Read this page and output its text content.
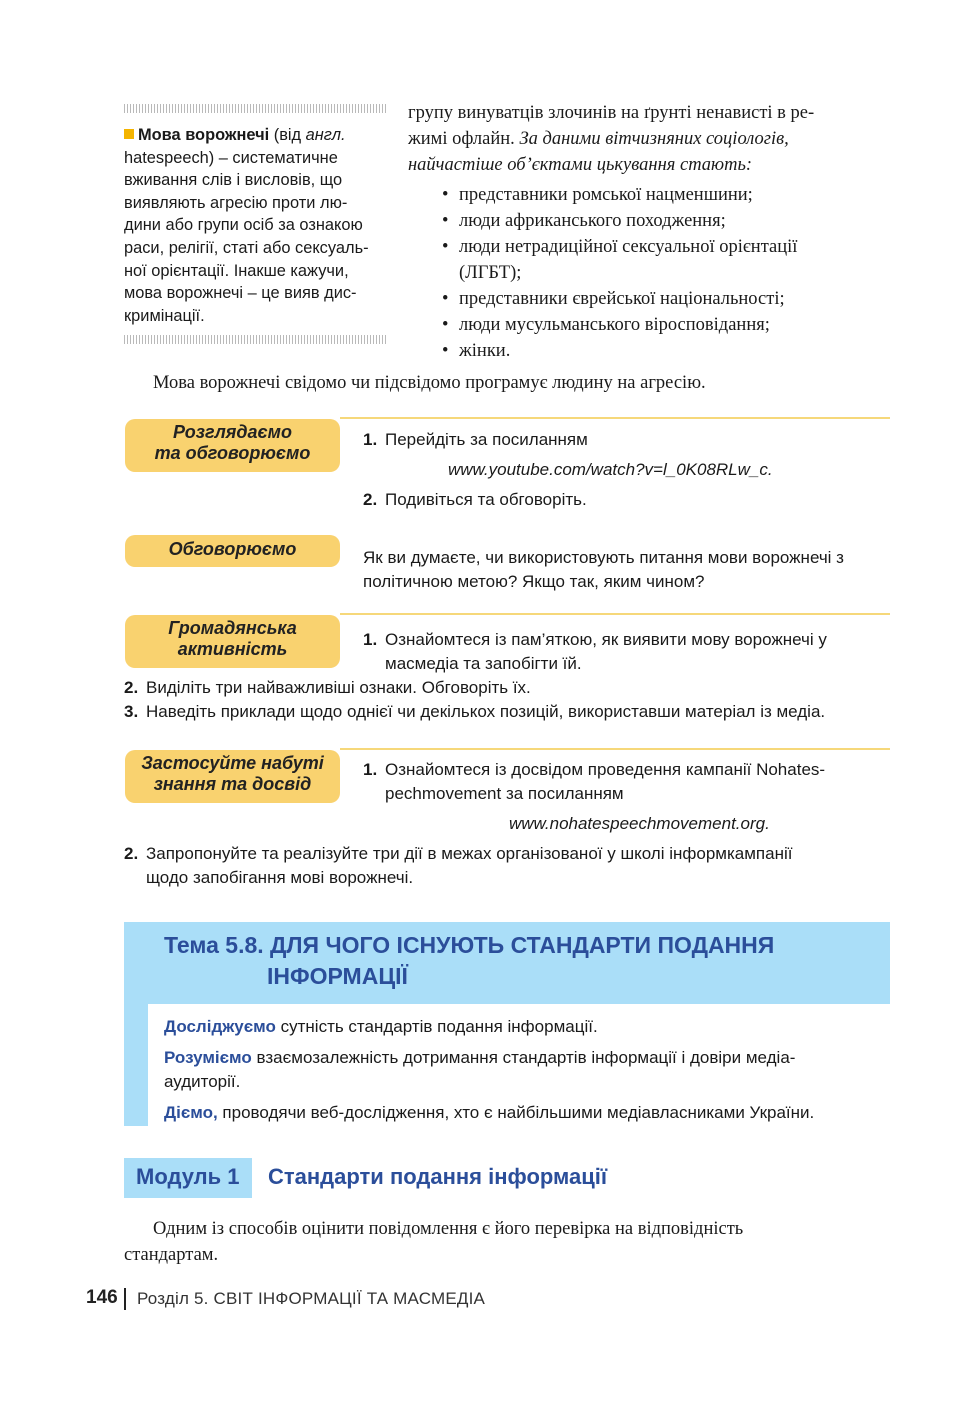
Мова ворожнечі (від англ.
hatespeech) – систематичне
вживання слів і висловів, що
виявляють агресію проти лю-
дини або групи осіб за ознакою
раси, релігії, статі або сексуаль-
ної орієнтації. Інакше кажучи,
мова ворожнечі – це вияв дис-
кримінації.
групу винуватців злочинів на ґрунті ненависті в ре-
жимі офлайн.
За даними вітчизняних соціологів,
найчастіше об’єктами цькування стають:
• представники ромської нацменшини;
• люди африканського походження;
• люди нетрадиційної сексуальної орієнтації
(ЛГБТ);
• представники єврейської національності;
• люди мусульманського віросповідання;
• жінки.
Мова ворожнечі свідомо чи підсвідомо програмує людину на агресію.
Розглядаємо
та обговорюємо
1. Перейдіть за посиланням
www.youtube.com/watch?v=l_0K08RLw_c.
2. Подивіться та обговоріть.
Обговорюємо	Як ви думаєте, чи використовують питання мови ворожнечі з
політичною метою? Якщо так, яким чином?
Громадянська
активність	1. Ознайомтеся із пам’яткою, як виявити мову ворожнечі у
масмедіа та запобігти їй.
2. Виділіть три найважливіші ознаки. Обговоріть їх.
3. Наведіть приклади щодо однієї чи декількох позицій, використавши матеріал із медіа.
Застосуйте набуті
знання та досвід
1. Ознайомтеся із досвідом проведення кампанії Nohates-
pechmovement за посиланням
www.nohatespeechmovement.org.
2. Запропонуйте та реалізуйте три дії в межах організованої у школі інформкампанії
щодо запобігання мові ворожнечі.
Тема 5.8. ДЛЯ ЧОГО ІСНУЮТЬ СТАНДАРТИ ПОДАННЯ
ІНФОРМАЦІЇ
Досліджуємо сутність стандартів подання інформації.
Розуміємо взаємозалежність дотримання стандартів інформації і довіри медіа-
аудиторії.
Діємо, проводячи веб-дослідження, хто є найбільшими медіавласниками України.
Модуль 1 Стандарти подання інформації
Одним із способів оцінити повідомлення є його перевірка на відповідність
стандартам.
146 Розділ 5. СВІТ ІНФОРМАЦІЇ ТА МАСМЕДІА
